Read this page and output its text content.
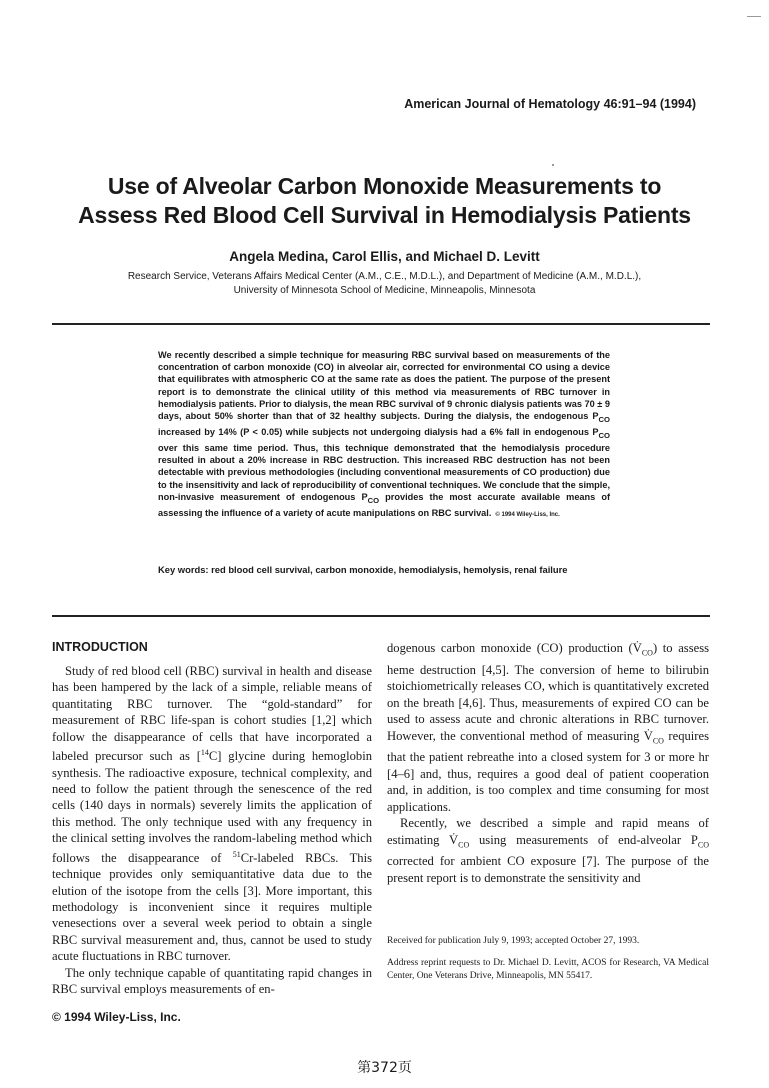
American Journal of Hematology 46:91–94 (1994)
Use of Alveolar Carbon Monoxide Measurements to
Assess Red Blood Cell Survival in Hemodialysis Patients
Angela Medina, Carol Ellis, and Michael D. Levitt
Research Service, Veterans Affairs Medical Center (A.M., C.E., M.D.L.), and Department of Medicine (A.M., M.D.L.),
University of Minnesota School of Medicine, Minneapolis, Minnesota
We recently described a simple technique for measuring RBC survival based on measurements of the concentration of carbon monoxide (CO) in alveolar air, corrected for environmental CO using a device that equilibrates with atmospheric CO at the same rate as does the patient. The purpose of the present report is to demonstrate the clinical utility of this method via measurements of RBC turnover in hemodialysis patients. Prior to dialysis, the mean RBC survival of 9 chronic dialysis patients was 70 ± 9 days, about 50% shorter than that of 32 healthy subjects. During the dialysis, the endogenous $P_{CO}$ increased by 14% (P < 0.05) while subjects not undergoing dialysis had a 6% fall in endogenous $P_{CO}$ over this same time period. Thus, this technique demonstrated that the hemodialysis procedure resulted in about a 20% increase in RBC destruction. This increased RBC destruction has not been detectable with previous methodologies (including conventional measurements of CO production) due to the insensitivity and lack of reproducibility of conventional techniques. We conclude that the simple, non-invasive measurement of endogenous $P_{CO}$ provides the most accurate available means of assessing the influence of a variety of acute manipulations on RBC survival. © 1994 Wiley-Liss, Inc.
Key words: red blood cell survival, carbon monoxide, hemodialysis, hemolysis, renal failure
INTRODUCTION

Study of red blood cell (RBC) survival in health and disease has been hampered by the lack of a simple, reliable means of quantitating RBC turnover. The “gold-standard” for measurement of RBC life-span is cohort studies [1,2] which follow the disappearance of cells that have incorporated a labeled precursor such as [$^{14}$C] glycine during hemoglobin synthesis. The radioactive exposure, technical complexity, and need to follow the patient through the senescence of the red cells (140 days in normals) severely limits the application of this method. The only technique used with any frequency in the clinical setting involves the random-labeling method which follows the disappearance of $^{51}$Cr-labeled RBCs. This technique provides only semiquantitative data due to the elution of the isotope from the cells [3]. More important, this methodology is inconvenient since it requires multiple venesections over a several week period to obtain a single RBC survival measurement and, thus, cannot be used to study acute fluctuations in RBC turnover.

The only technique capable of quantitating rapid changes in RBC survival employs measurements of en-

dogenous carbon monoxide (CO) production $(V̇_{CO})$ to assess heme destruction [4,5]. The conversion of heme to bilirubin stoichiometrically releases CO, which is quantitatively excreted on the breath [4,6]. Thus, measurements of expired CO can be used to assess acute and chronic alterations in RBC turnover. However, the conventional method of measuring $V̇_{CO}$ requires that the patient rebreathe into a closed system for 3 or more hr [4–6] and, thus, requires a good deal of patient cooperation and, in addition, is too complex and time consuming for most applications.

Recently, we described a simple and rapid means of estimating $V̇_{CO}$ using measurements of end-alveolar $P_{CO}$ corrected for ambient CO exposure [7]. The purpose of the present report is to demonstrate the sensitivity and

Received for publication July 9, 1993; accepted October 27, 1993.

Address reprint requests to Dr. Michael D. Levitt, ACOS for Research, VA Medical Center, One Veterans Drive, Minneapolis, MN 55417.

© 1994 Wiley-Liss, Inc.
第372页
